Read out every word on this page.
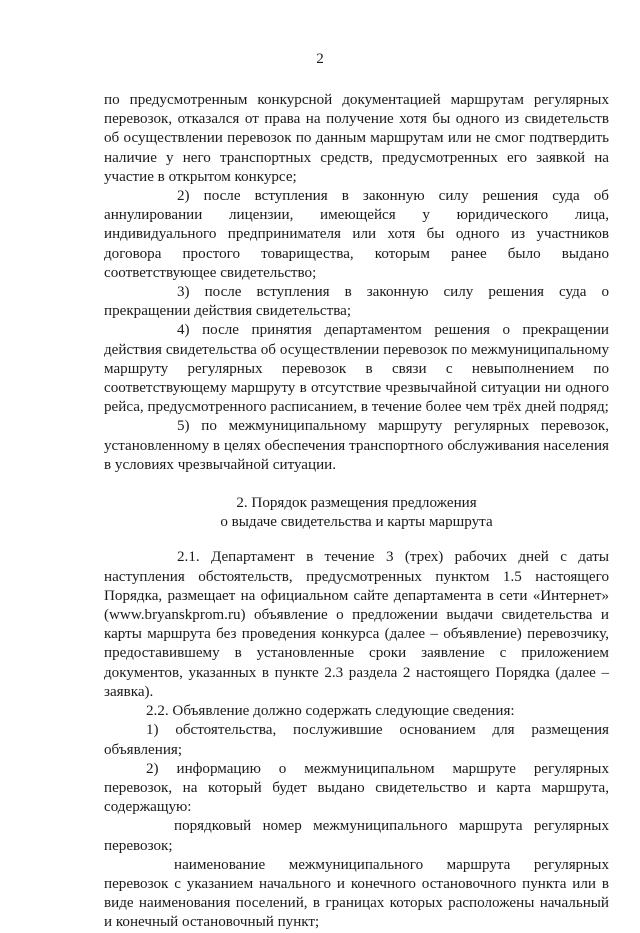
2

по предусмотренным конкурсной документацией маршрутам регулярных перевозок, отказался от права на получение хотя бы одного из свидетельств об осуществлении перевозок по данным маршрутам или не смог подтвердить наличие у него транспортных средств, предусмотренных его заявкой на участие в открытом конкурсе;

2) после вступления в законную силу решения суда об аннулировании лицензии, имеющейся у юридического лица, индивидуального предпринимателя или хотя бы одного из участников договора простого товарищества, которым ранее было выдано соответствующее свидетельство;

3) после вступления в законную силу решения суда о прекращении действия свидетельства;

4) после принятия департаментом решения о прекращении действия свидетельства об осуществлении перевозок по межмуниципальному маршруту регулярных перевозок в связи с невыполнением по соответствующему маршруту в отсутствие чрезвычайной ситуации ни одного рейса, предусмотренного расписанием, в течение более чем трёх дней подряд;

5) по межмуниципальному маршруту регулярных перевозок, установленному в целях обеспечения транспортного обслуживания населения в условиях чрезвычайной ситуации.

2. Порядок размещения предложения

о выдаче свидетельства и карты маршрута

2.1. Департамент в течение 3 (трех) рабочих дней с даты наступления обстоятельств, предусмотренных пунктом 1.5 настоящего Порядка, размещает на официальном сайте департамента в сети «Интернет» (www.bryanskprom.ru) объявление о предложении выдачи свидетельства и карты маршрута без проведения конкурса (далее – объявление) перевозчику, предоставившему в установленные сроки заявление с приложением документов, указанных в пункте 2.3 раздела 2 настоящего Порядка (далее – заявка).

2.2. Объявление должно содержать следующие сведения:

1) обстоятельства, послужившие основанием для размещения объявления;

2) информацию о межмуниципальном маршруте регулярных перевозок, на который будет выдано свидетельство и карта маршрута, содержащую:

порядковый номер межмуниципального маршрута регулярных перевозок;

наименование межмуниципального маршрута регулярных перевозок с указанием начального и конечного остановочного пункта или в виде наименования поселений, в границах которых расположены начальный и конечный остановочный пункт;
